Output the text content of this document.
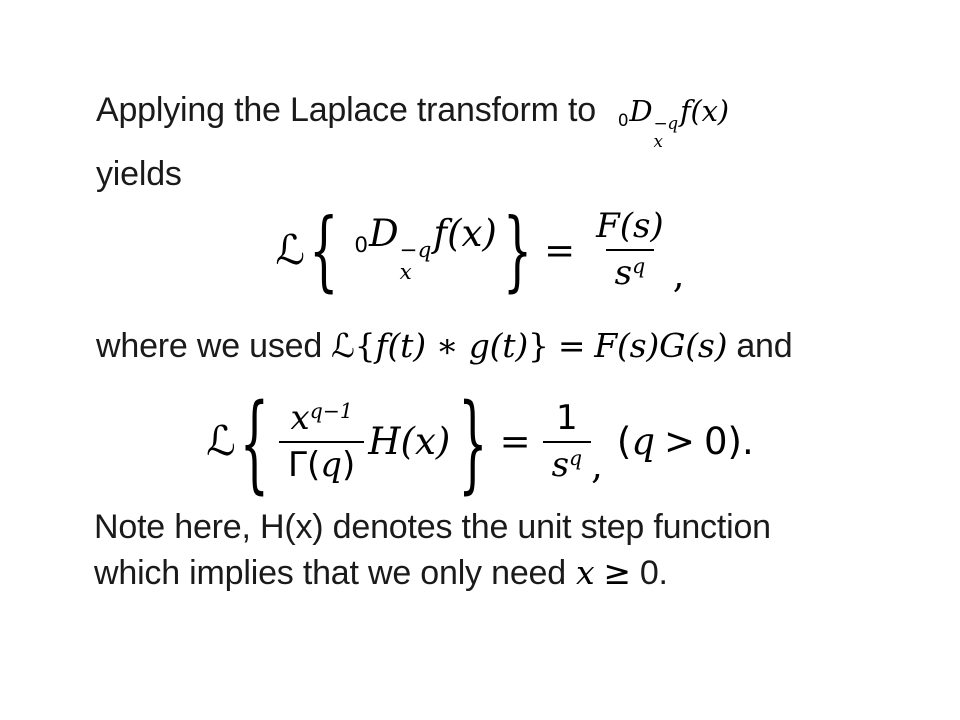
Applying the Laplace transform to 0D −q
x
f(x)
yields
ℒ { 0D −q
x
f(x) } = $\frac{F(s)}{s^q}$ ,
where we used ℒ{f(t) ∗ g(t)} = F(s)G(s) and
ℒ { $\frac{x^{q-1}}{\Gamma(q)} H(x)$ } = $\frac{1}{s^q}$ ,
( q > 0).
Note here, H(x) denotes the unit step function
which implies that we only need x ≥ 0.
